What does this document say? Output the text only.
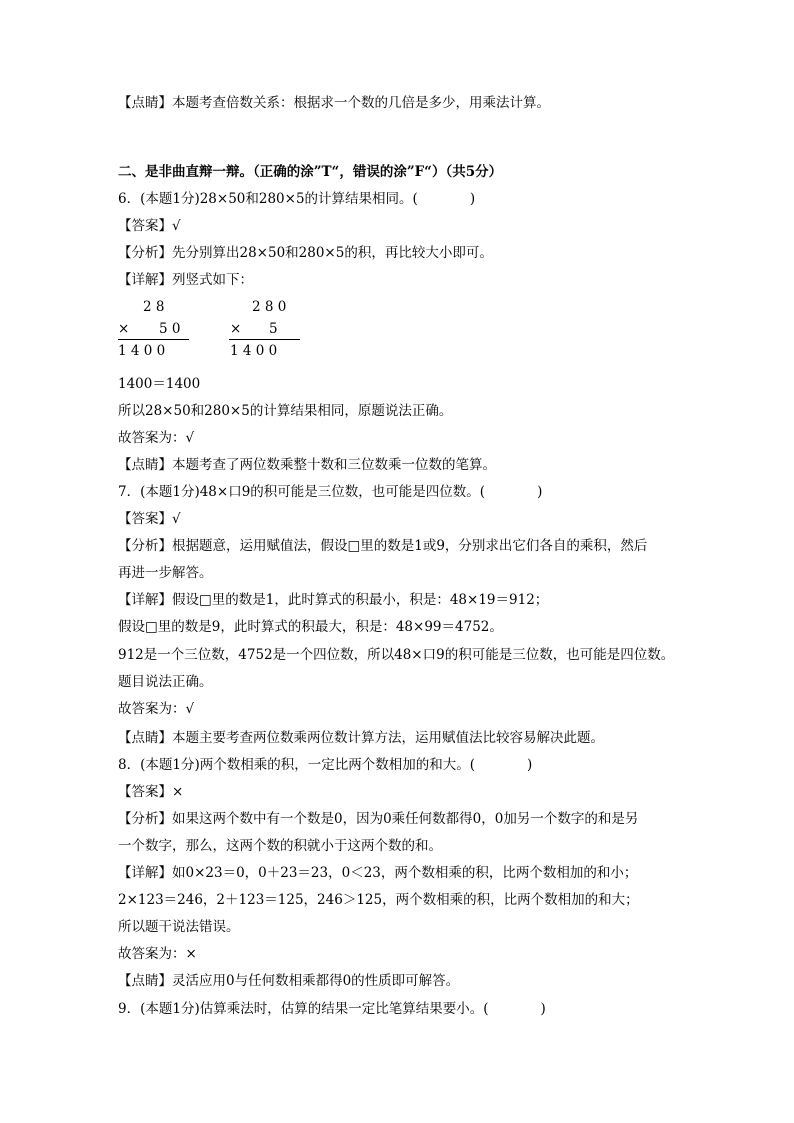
【点睛】本题考查倍数关系：根据求一个数的几倍是多少，用乘法计算。
二、是非曲直辩一辩。（正确的涂”T“，错误的涂”F“）（共5分）
6．(本题1分)28×50和280×5的计算结果相同。(	)
【答案】√
【分析】先分别算出28×50和280×5的积，再比较大小即可。
【详解】列竖式如下：
2 8
× 5 0
1 4 0 0
2 8 0
× 5
1 4 0 0
1400＝1400
所以28×50和280×5的计算结果相同，原题说法正确。
故答案为：√
【点睛】本题考查了两位数乘整十数和三位数乘一位数的笔算。
7．(本题1分)48×口9的积可能是三位数，也可能是四位数。(	)
【答案】√
【分析】根据题意，运用赋值法，假设□里的数是1或9，分别求出它们各自的乘积，然后
再进一步解答。
【详解】假设□里的数是1，此时算式的积最小，积是：48×19＝912；
假设□里的数是9，此时算式的积最大，积是：48×99＝4752。
912是一个三位数，4752是一个四位数，所以48×口9的积可能是三位数，也可能是四位数。
题目说法正确。
故答案为：√
【点睛】本题主要考查两位数乘两位数计算方法，运用赋值法比较容易解决此题。
8．(本题1分)两个数相乘的积，一定比两个数相加的和大。(	)
【答案】×
【分析】如果这两个数中有一个数是0，因为0乘任何数都得0，0加另一个数字的和是另
一个数字，那么，这两个数的积就小于这两个数的和。
【详解】如0×23＝0，0＋23＝23，0＜23，两个数相乘的积，比两个数相加的和小；
2×123＝246，2＋123＝125，246＞125，两个数相乘的积，比两个数相加的和大；
所以题干说法错误。
故答案为：×
【点睛】灵活应用0与任何数相乘都得0的性质即可解答。
9．(本题1分)估算乘法时，估算的结果一定比笔算结果要小。(	)
